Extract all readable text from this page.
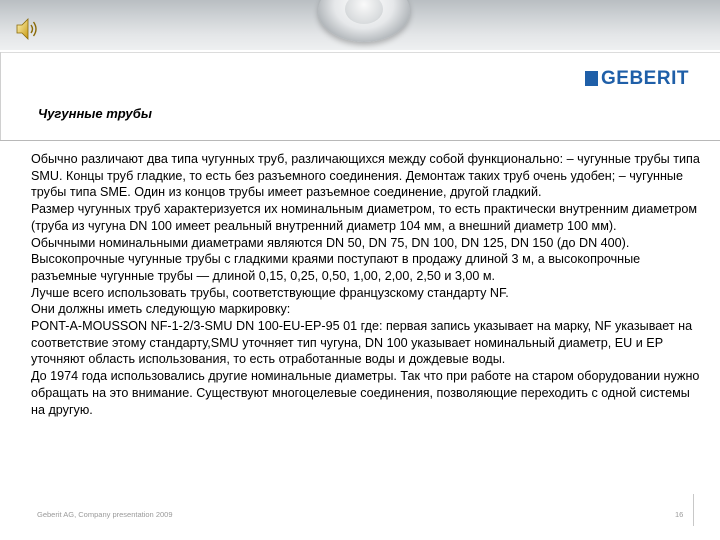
GEBERIT
Чугунные трубы

Обычно различают два типа чугунных труб, различающихся между собой функционально: – чугунные трубы типа SMU. Концы труб гладкие, то есть без разъемного соединения. Демонтаж таких труб очень удобен; – чугунные трубы типа SME. Один из концов трубы имеет разъемное соединение, другой гладкий.

Размер чугунных труб характеризуется их номинальным диаметром, то есть практически внутренним диаметром (труба из чугуна DN 100 имеет реальный внутренний диаметр 104 мм, а внешний диаметр 100 мм).

Обычными номинальными диаметрами являются DN 50, DN 75, DN 100, DN 125, DN 150 (до DN 400).

Высокопрочные чугунные трубы с гладкими краями поступают в продажу длиной 3 м, а высокопрочные разъемные чугунные трубы — длиной 0,15, 0,25, 0,50, 1,00, 2,00, 2,50 и 3,00 м.

Лучше всего использовать трубы, соответствующие французскому стандарту NF.

Они должны иметь следующую маркировку:

PONT-A-MOUSSON NF-1-2/3-SMU DN 100-EU-EP-95 01 где: первая запись указывает на марку, NF указывает на соответствие этому стандарту,SMU уточняет тип чугуна, DN 100 указывает номинальный диаметр, EU и EP уточняют область использования, то есть отработанные воды и дождевые воды.

До 1974 года использовались другие номинальные диаметры. Так что при работе на старом оборудовании нужно обращать на это внимание. Существуют многоцелевые соединения, позволяющие переходить с одной системы на другую.

Geberit AG, Company presentation 2009	16
